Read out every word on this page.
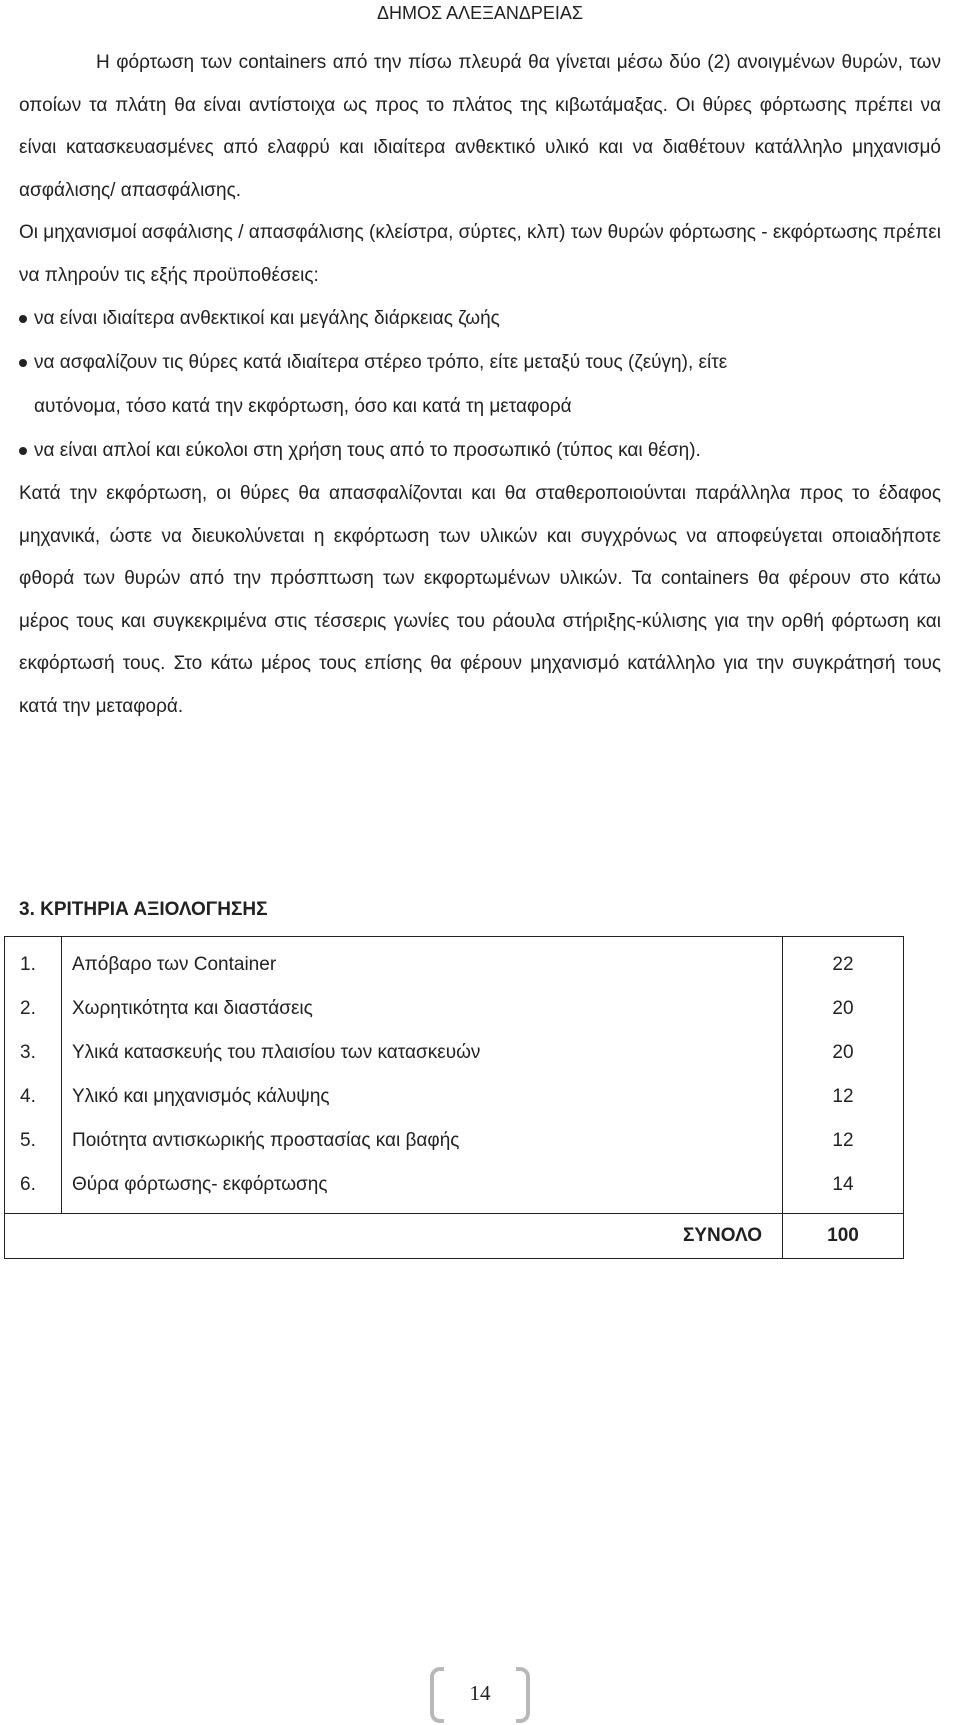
ΔΗΜΟΣ ΑΛΕΞΑΝΔΡΕΙΑΣ

Η φόρτωση των containers από την πίσω πλευρά θα γίνεται μέσω δύο (2) ανοιγμένων θυρών, των οποίων τα πλάτη θα είναι αντίστοιχα ως προς το πλάτος της κιβωτάμαξας. Οι θύρες φόρτωσης πρέπει να είναι κατασκευασμένες από ελαφρύ και ιδιαίτερα ανθεκτικό υλικό και να διαθέτουν κατάλληλο μηχανισμό ασφάλισης/ απασφάλισης.

Οι μηχανισμοί ασφάλισης / απασφάλισης (κλείστρα, σύρτες, κλπ) των θυρών φόρτωσης - εκφόρτωσης πρέπει να πληρούν τις εξής προϋποθέσεις:

να είναι ιδιαίτερα ανθεκτικοί και μεγάλης διάρκειας ζωής
να ασφαλίζουν τις θύρες κατά ιδιαίτερα στέρεο τρόπο, είτε μεταξύ τους (ζεύγη), είτε
αυτόνομα, τόσο κατά την εκφόρτωση, όσο και κατά τη μεταφορά
να είναι απλοί και εύκολοι στη χρήση τους από το προσωπικό (τύπος και θέση).

Κατά την εκφόρτωση, οι θύρες θα απασφαλίζονται και θα σταθεροποιούνται παράλληλα προς το έδαφος μηχανικά, ώστε να διευκολύνεται η εκφόρτωση των υλικών και συγχρόνως να αποφεύγεται οποιαδήποτε φθορά των θυρών από την πρόσπτωση των εκφορτωμένων υλικών. Τα containers θα φέρουν στο κάτω μέρος τους και συγκεκριμένα στις τέσσερις γωνίες του ράουλα στήριξης-κύλισης για την ορθή φόρτωση και εκφόρτωσή τους. Στο κάτω μέρος τους επίσης θα φέρουν μηχανισμό κατάλληλο για την συγκράτησή τους κατά την μεταφορά.

3. ΚΡΙΤΗΡΙΑ ΑΞΙΟΛΟΓΗΣΗΣ
1.	Απόβαρο των Container	22
2.	Χωρητικότητα και διαστάσεις	20
3.	Υλικά κατασκευής του πλαισίου των κατασκευών	20
4.	Υλικό και μηχανισμός κάλυψης	12
5.	Ποιότητα αντισκωρικής προστασίας και βαφής	12
6.	Θύρα φόρτωσης- εκφόρτωσης	14
ΣΥΝΟΛΟ		100
14
